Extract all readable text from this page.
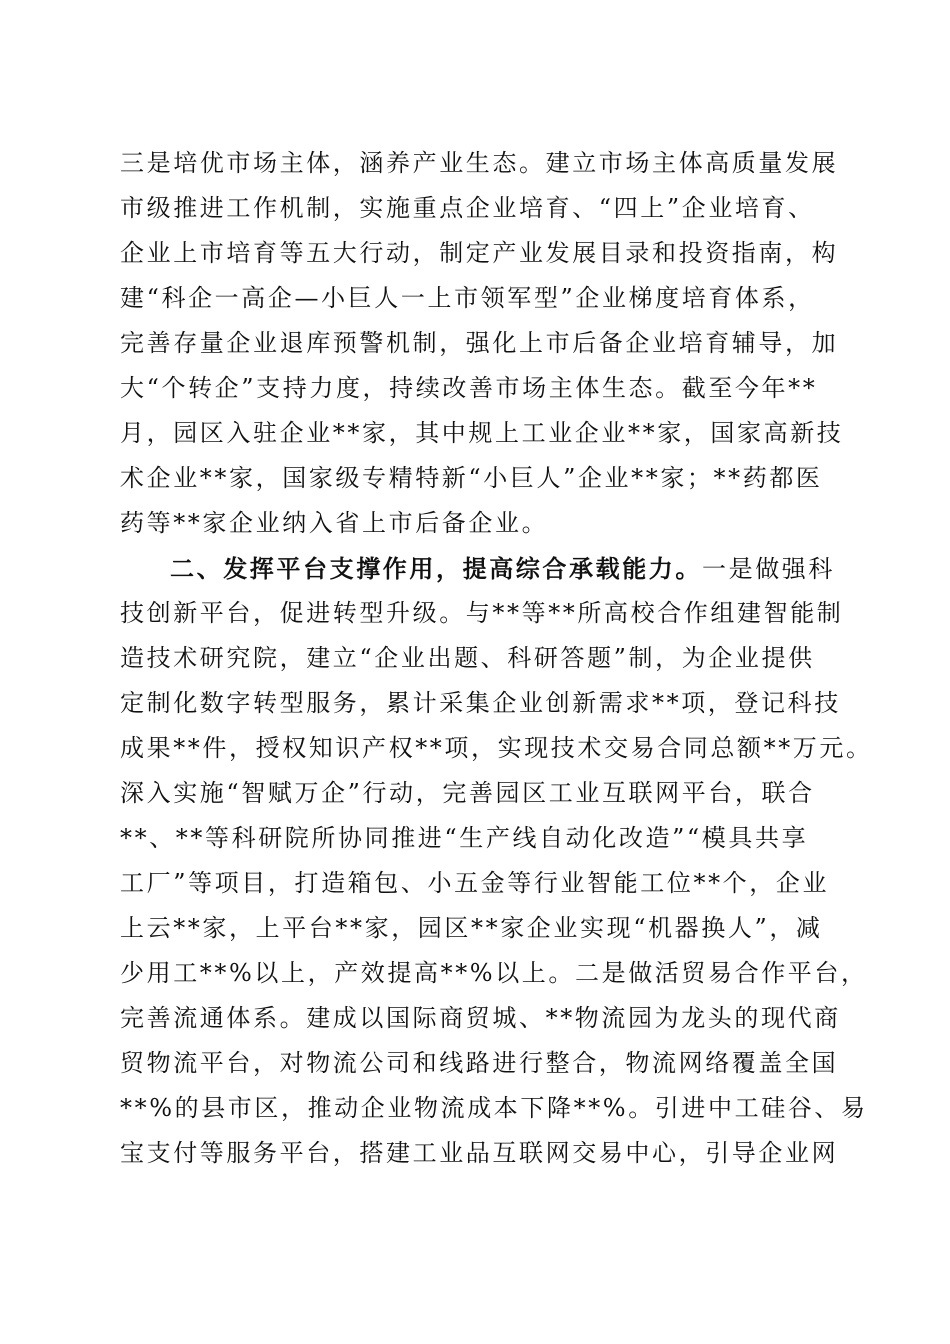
三是培优市场主体，涵养产业生态。建立市场主体高质量发展
市级推进工作机制，实施重点企业培育、“四上”企业培育、
企业上市培育等五大行动，制定产业发展目录和投资指南，构
建“科企一高企—小巨人一上市领军型”企业梯度培育体系，
完善存量企业退库预警机制，强化上市后备企业培育辅导，加
大“个转企”支持力度，持续改善市场主体生态。截至今年**
月，园区入驻企业**家，其中规上工业企业**家，国家高新技
术企业**家，国家级专精特新“小巨人”企业**家；**药都医
药等**家企业纳入省上市后备企业。
二、发挥平台支撑作用，提高综合承载能力。一是做强科
技创新平台，促进转型升级。与**等**所高校合作组建智能制
造技术研究院，建立“企业出题、科研答题”制，为企业提供
定制化数字转型服务，累计采集企业创新需求**项，登记科技
成果**件，授权知识产权**项，实现技术交易合同总额**万元。
深入实施“智赋万企”行动，完善园区工业互联网平台，联合
**、**等科研院所协同推进“生产线自动化改造”“模具共享
工厂”等项目，打造箱包、小五金等行业智能工位**个，企业
上云**家，上平台**家，园区**家企业实现“机器换人”，减
少用工**%以上，产效提高**%以上。二是做活贸易合作平台，
完善流通体系。建成以国际商贸城、**物流园为龙头的现代商
贸物流平台，对物流公司和线路进行整合，物流网络覆盖全国
**%的县市区，推动企业物流成本下降**%。引进中工硅谷、易
宝支付等服务平台，搭建工业品互联网交易中心，引导企业网
